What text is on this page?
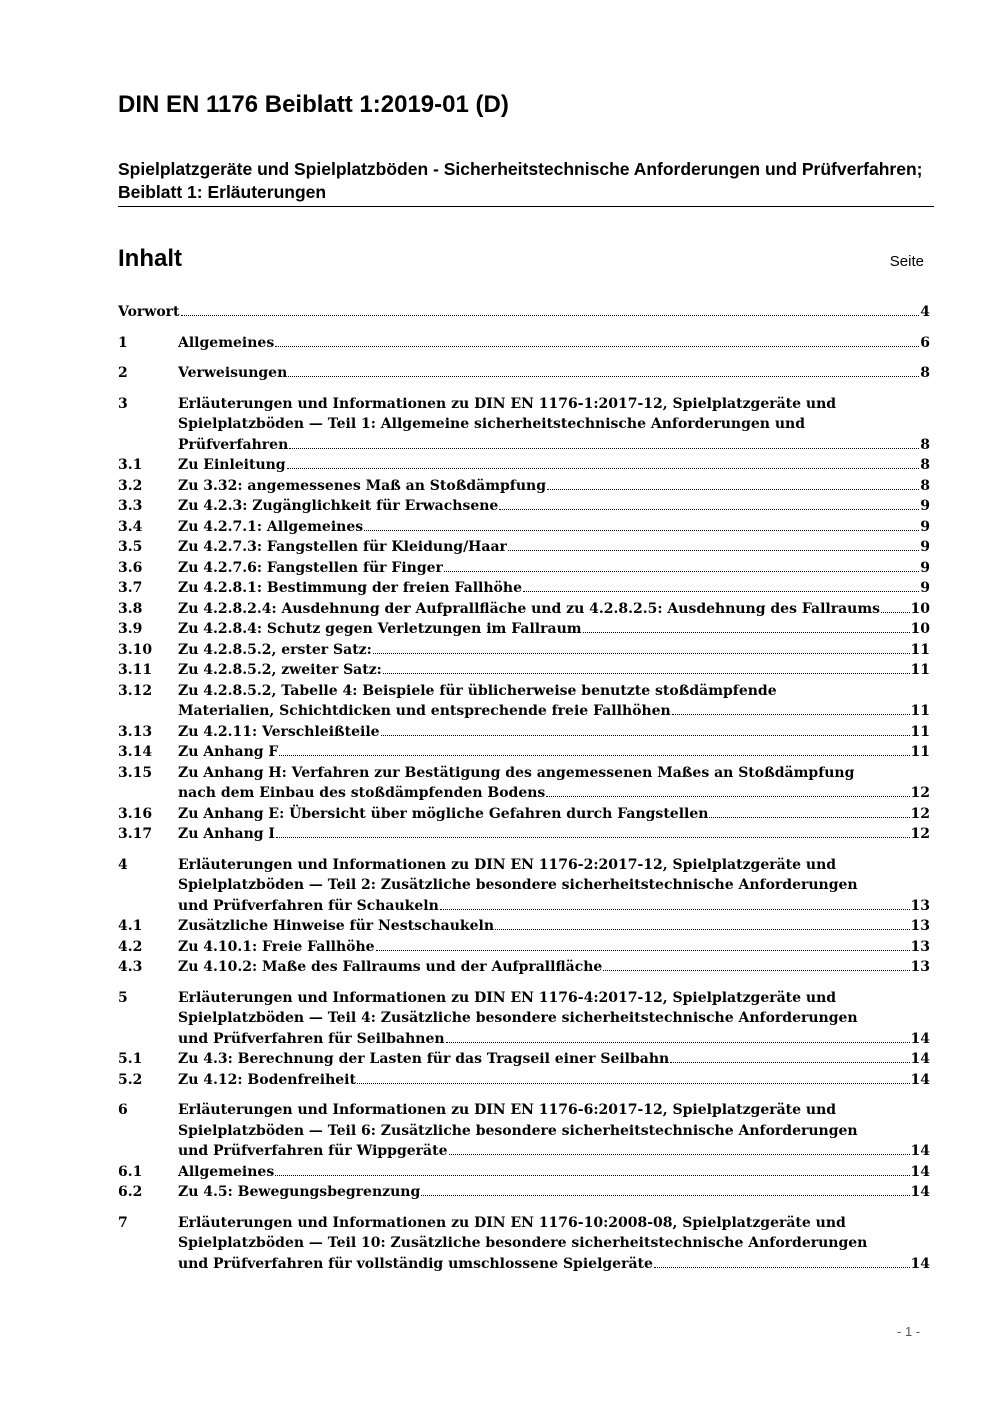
DIN EN 1176 Beiblatt 1:2019-01 (D)
Spielplatzgeräte und Spielplatzböden - Sicherheitstechnische Anforderungen und Prüfverfahren; Beiblatt 1: Erläuterungen
Inhalt	Seite
Vorwort	4
1	Allgemeines	6
2	Verweisungen	8
3	Erläuterungen und Informationen zu DIN EN 1176-1:2017-12, Spielplatzgeräte und
Spielplatzböden — Teil 1: Allgemeine sicherheitstechnische Anforderungen und
Prüfverfahren	8
3.1	Zu Einleitung	8
3.2	Zu 3.32: angemessenes Maß an Stoßdämpfung	8
3.3	Zu 4.2.3: Zugänglichkeit für Erwachsene	9
3.4	Zu 4.2.7.1: Allgemeines	9
3.5	Zu 4.2.7.3: Fangstellen für Kleidung/Haar	9
3.6	Zu 4.2.7.6: Fangstellen für Finger	9
3.7	Zu 4.2.8.1: Bestimmung der freien Fallhöhe	9
3.8	Zu 4.2.8.2.4: Ausdehnung der Aufprallfläche und zu 4.2.8.2.5: Ausdehnung des Fallraums 10
3.9	Zu 4.2.8.4: Schutz gegen Verletzungen im Fallraum	10
3.10	Zu 4.2.8.5.2, erster Satz:	11
3.11	Zu 4.2.8.5.2, zweiter Satz:	11
3.12	Zu 4.2.8.5.2, Tabelle 4: Beispiele für üblicherweise benutzte stoßdämpfende
Materialien, Schichtdicken und entsprechende freie Fallhöhen	11
3.13	Zu 4.2.11: Verschleißteile	11
3.14	Zu Anhang F	11
3.15	Zu Anhang H: Verfahren zur Bestätigung des angemessenen Maßes an Stoßdämpfung
nach dem Einbau des stoßdämpfenden Bodens	12
3.16	Zu Anhang E: Übersicht über mögliche Gefahren durch Fangstellen	12
3.17	Zu Anhang I	12
4	Erläuterungen und Informationen zu DIN EN 1176-2:2017-12, Spielplatzgeräte und
Spielplatzböden — Teil 2: Zusätzliche besondere sicherheitstechnische Anforderungen
und Prüfverfahren für Schaukeln	13
4.1	Zusätzliche Hinweise für Nestschaukeln	13
4.2	Zu 4.10.1: Freie Fallhöhe	13
4.3	Zu 4.10.2: Maße des Fallraums und der Aufprallfläche	13
5	Erläuterungen und Informationen zu DIN EN 1176-4:2017-12, Spielplatzgeräte und
Spielplatzböden — Teil 4: Zusätzliche besondere sicherheitstechnische Anforderungen
und Prüfverfahren für Seilbahnen	14
5.1	Zu 4.3: Berechnung der Lasten für das Tragseil einer Seilbahn	14
5.2	Zu 4.12: Bodenfreiheit	14
6	Erläuterungen und Informationen zu DIN EN 1176-6:2017-12, Spielplatzgeräte und
Spielplatzböden — Teil 6: Zusätzliche besondere sicherheitstechnische Anforderungen
und Prüfverfahren für Wippgeräte	14
6.1	Allgemeines	14
6.2	Zu 4.5: Bewegungsbegrenzung	14
7	Erläuterungen und Informationen zu DIN EN 1176-10:2008-08, Spielplatzgeräte und
Spielplatzböden — Teil 10: Zusätzliche besondere sicherheitstechnische Anforderungen
und Prüfverfahren für vollständig umschlossene Spielgeräte	14
- 1 -
